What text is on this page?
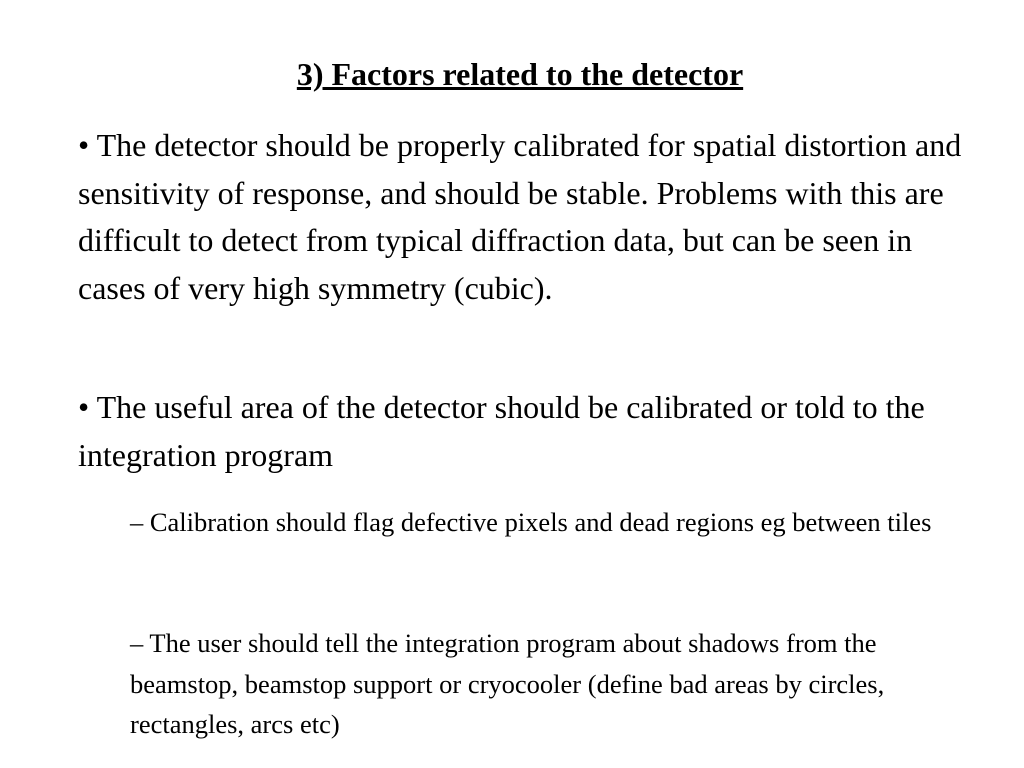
3) Factors related to the detector

• The detector should be properly calibrated for spatial distortion and sensitivity of response, and should be stable. Problems with this are difficult to detect from typical diffraction data, but can be seen in cases of very high symmetry (cubic).

• The useful area of the detector should be calibrated or told to the integration program

– Calibration should flag defective pixels and dead regions eg between tiles

– The user should tell the integration program about shadows from the beamstop, beamstop support or cryocooler (define bad areas by circles, rectangles, arcs etc)
